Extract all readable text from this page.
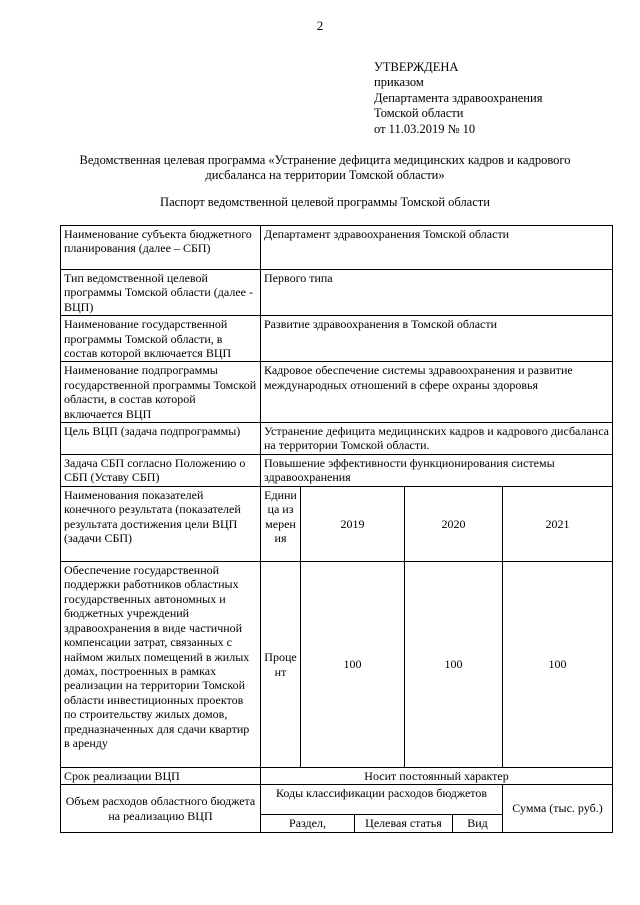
2
УТВЕРЖДЕНА
приказом
Департамента здравоохранения
Томской области
от 11.03.2019 № 10
Ведомственная целевая программа «Устранение дефицита медицинских кадров и кадрового дисбаланса на территории Томской области»
Паспорт ведомственной целевой программы Томской области
Наименование субъекта бюджетного планирования (далее – СБП)	Департамент здравоохранения Томской области					
Тип ведомственной целевой программы Томской области (далее - ВЦП)	Первого типа					
Наименование государственной программы Томской области, в состав которой включается ВЦП	Развитие здравоохранения в Томской области					
Наименование подпрограммы государственной программы Томской области, в состав которой включается ВЦП	Кадровое обеспечение системы здравоохранения и развитие международных отношений в сфере охраны здоровья					
Цель ВЦП (задача подпрограммы)	Устранение дефицита медицинских кадров и кадрового дисбаланса на территории Томской области.					
Задача СБП согласно Положению о СБП (Уставу СБП)	Повышение эффективности функционирования системы здравоохранения					
Наименования показателей конечного результата (показателей результата достижения цели ВЦП (задачи СБП)	Единица измерения	2019		2020		2021
Обеспечение государственной поддержки работников областных государственных автономных и бюджетных учреждений здравоохранения в виде частичной компенсации затрат, связанных с наймом жилых помещений в жилых домах, построенных в рамках реализации на территории Томской области инвестиционных проектов по строительству жилых домов, предназначенных для сдачи квартир в аренду	Процент	100		100		100
Срок реализации ВЦП	Носит постоянный характер					
Объем расходов областного бюджета на реализацию ВЦП	Коды классификации расходов бюджетов					Сумма (тыс. руб.)
	Раздел,		Целевая статья		Вид	
